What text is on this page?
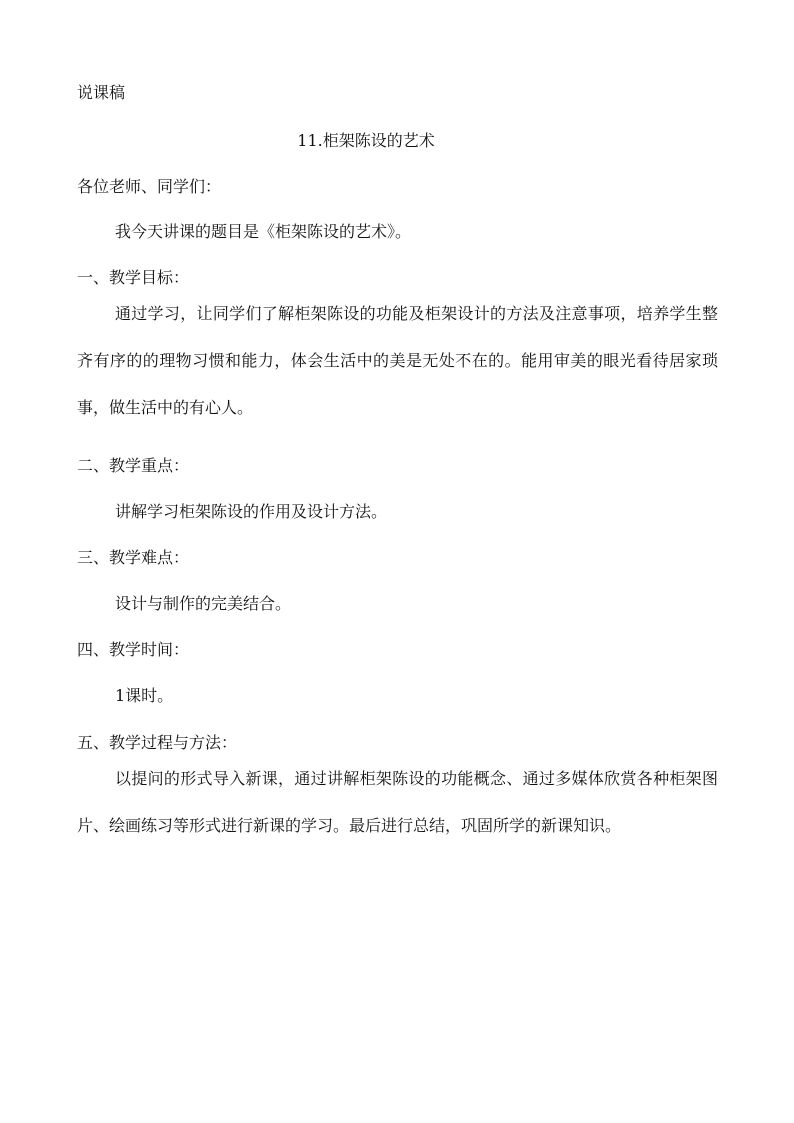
说课稿
11.柜架陈设的艺术
各位老师、同学们：
我今天讲课的题目是《柜架陈设的艺术》。
一、教学目标：
通过学习，让同学们了解柜架陈设的功能及柜架设计的方法及注意事项，培养学生整齐有序的的理物习惯和能力，体会生活中的美是无处不在的。能用审美的眼光看待居家琐事，做生活中的有心人。
二、教学重点：
讲解学习柜架陈设的作用及设计方法。
三、教学难点：
设计与制作的完美结合。
四、教学时间：
1课时。
五、教学过程与方法：
以提问的形式导入新课，通过讲解柜架陈设的功能概念、通过多媒体欣赏各种柜架图片、绘画练习等形式进行新课的学习。最后进行总结，巩固所学的新课知识。
